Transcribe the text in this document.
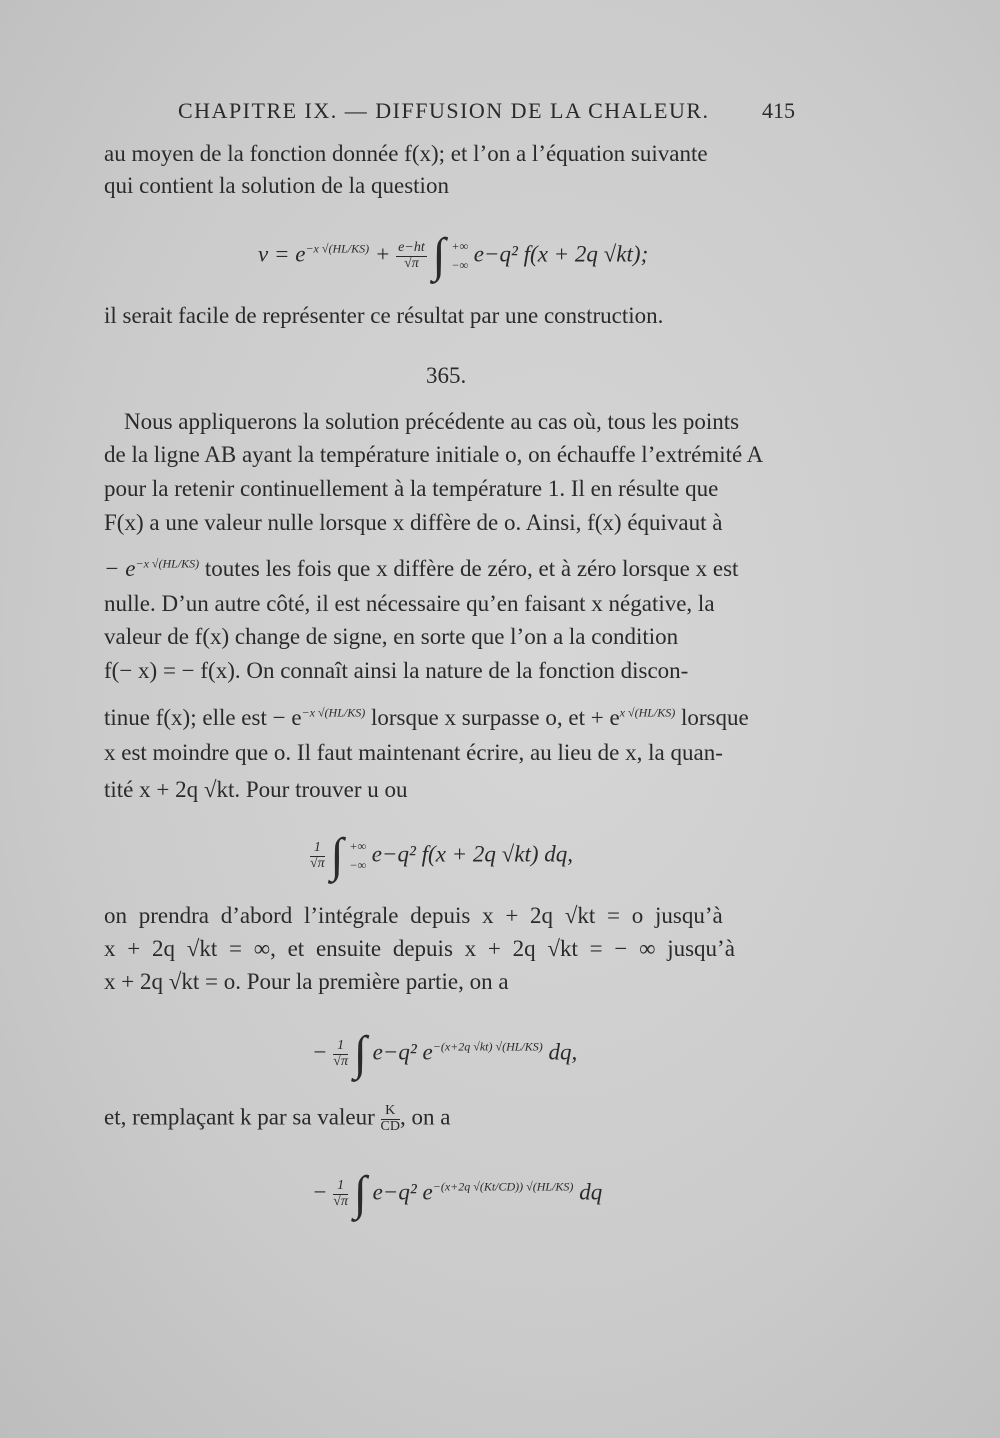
CHAPITRE IX. — DIFFUSION DE LA CHALEUR. 415
au moyen de la fonction donnée f(x); et l’on a l’équation suivante
qui contient la solution de la question
$v = e^{-x √(HL/KS)} + \frac{e-ht}{√\pi}$ ∫ +∞
−∞ e−q² f(x + 2q √kt);
il serait facile de représenter ce résultat par une construction.
365.
Nous appliquerons la solution précédente au cas où, tous les points
de la ligne AB ayant la température initiale o, on échauffe l’extrémité A
pour la retenir continuellement à la température 1. Il en résulte que
F(x) a une valeur nulle lorsque x diffère de o. Ainsi, f(x) équivaut à
− $e^{-x √(HL/KS)}$ toutes les fois que x diffère de zéro, et à zéro lorsque x est
nulle. D’un autre côté, il est nécessaire qu’en faisant x négative, la
valeur de f(x) change de signe, en sorte que l’on a la condition
f(− x) = − f(x). On connaît ainsi la nature de la fonction discon-
tinue f(x); elle est − $e^{-x √(HL/KS)}$ lorsque x surpasse o, et + $e^{x √(HL/KS)}$ lorsque
x est moindre que o. Il faut maintenant écrire, au lieu de x, la quan-
tité x + 2q √kt. Pour trouver u ou
$\frac{1}{√\pi}$ ∫ +∞
−∞ e−q² f(x + 2q √kt) dq,
on prendra d’abord l’intégrale depuis x + 2q √kt = o jusqu’à
x + 2q √kt = ∞, et ensuite depuis x + 2q √kt = − ∞ jusqu’à
x + 2q √kt = o. Pour la première partie, on a
− $\frac{1}{√\pi}$ ∫ e−q² $e^{-(x+2q √kt) √(HL/KS)}$ dq,
et, remplaçant k par sa valeur $\frac{K}{CD}$ , on a
− $\frac{1}{√\pi}$ ∫ e−q² $e^{-(x+2q √(Kt/CD)) √(HL/KS)}$ dq
